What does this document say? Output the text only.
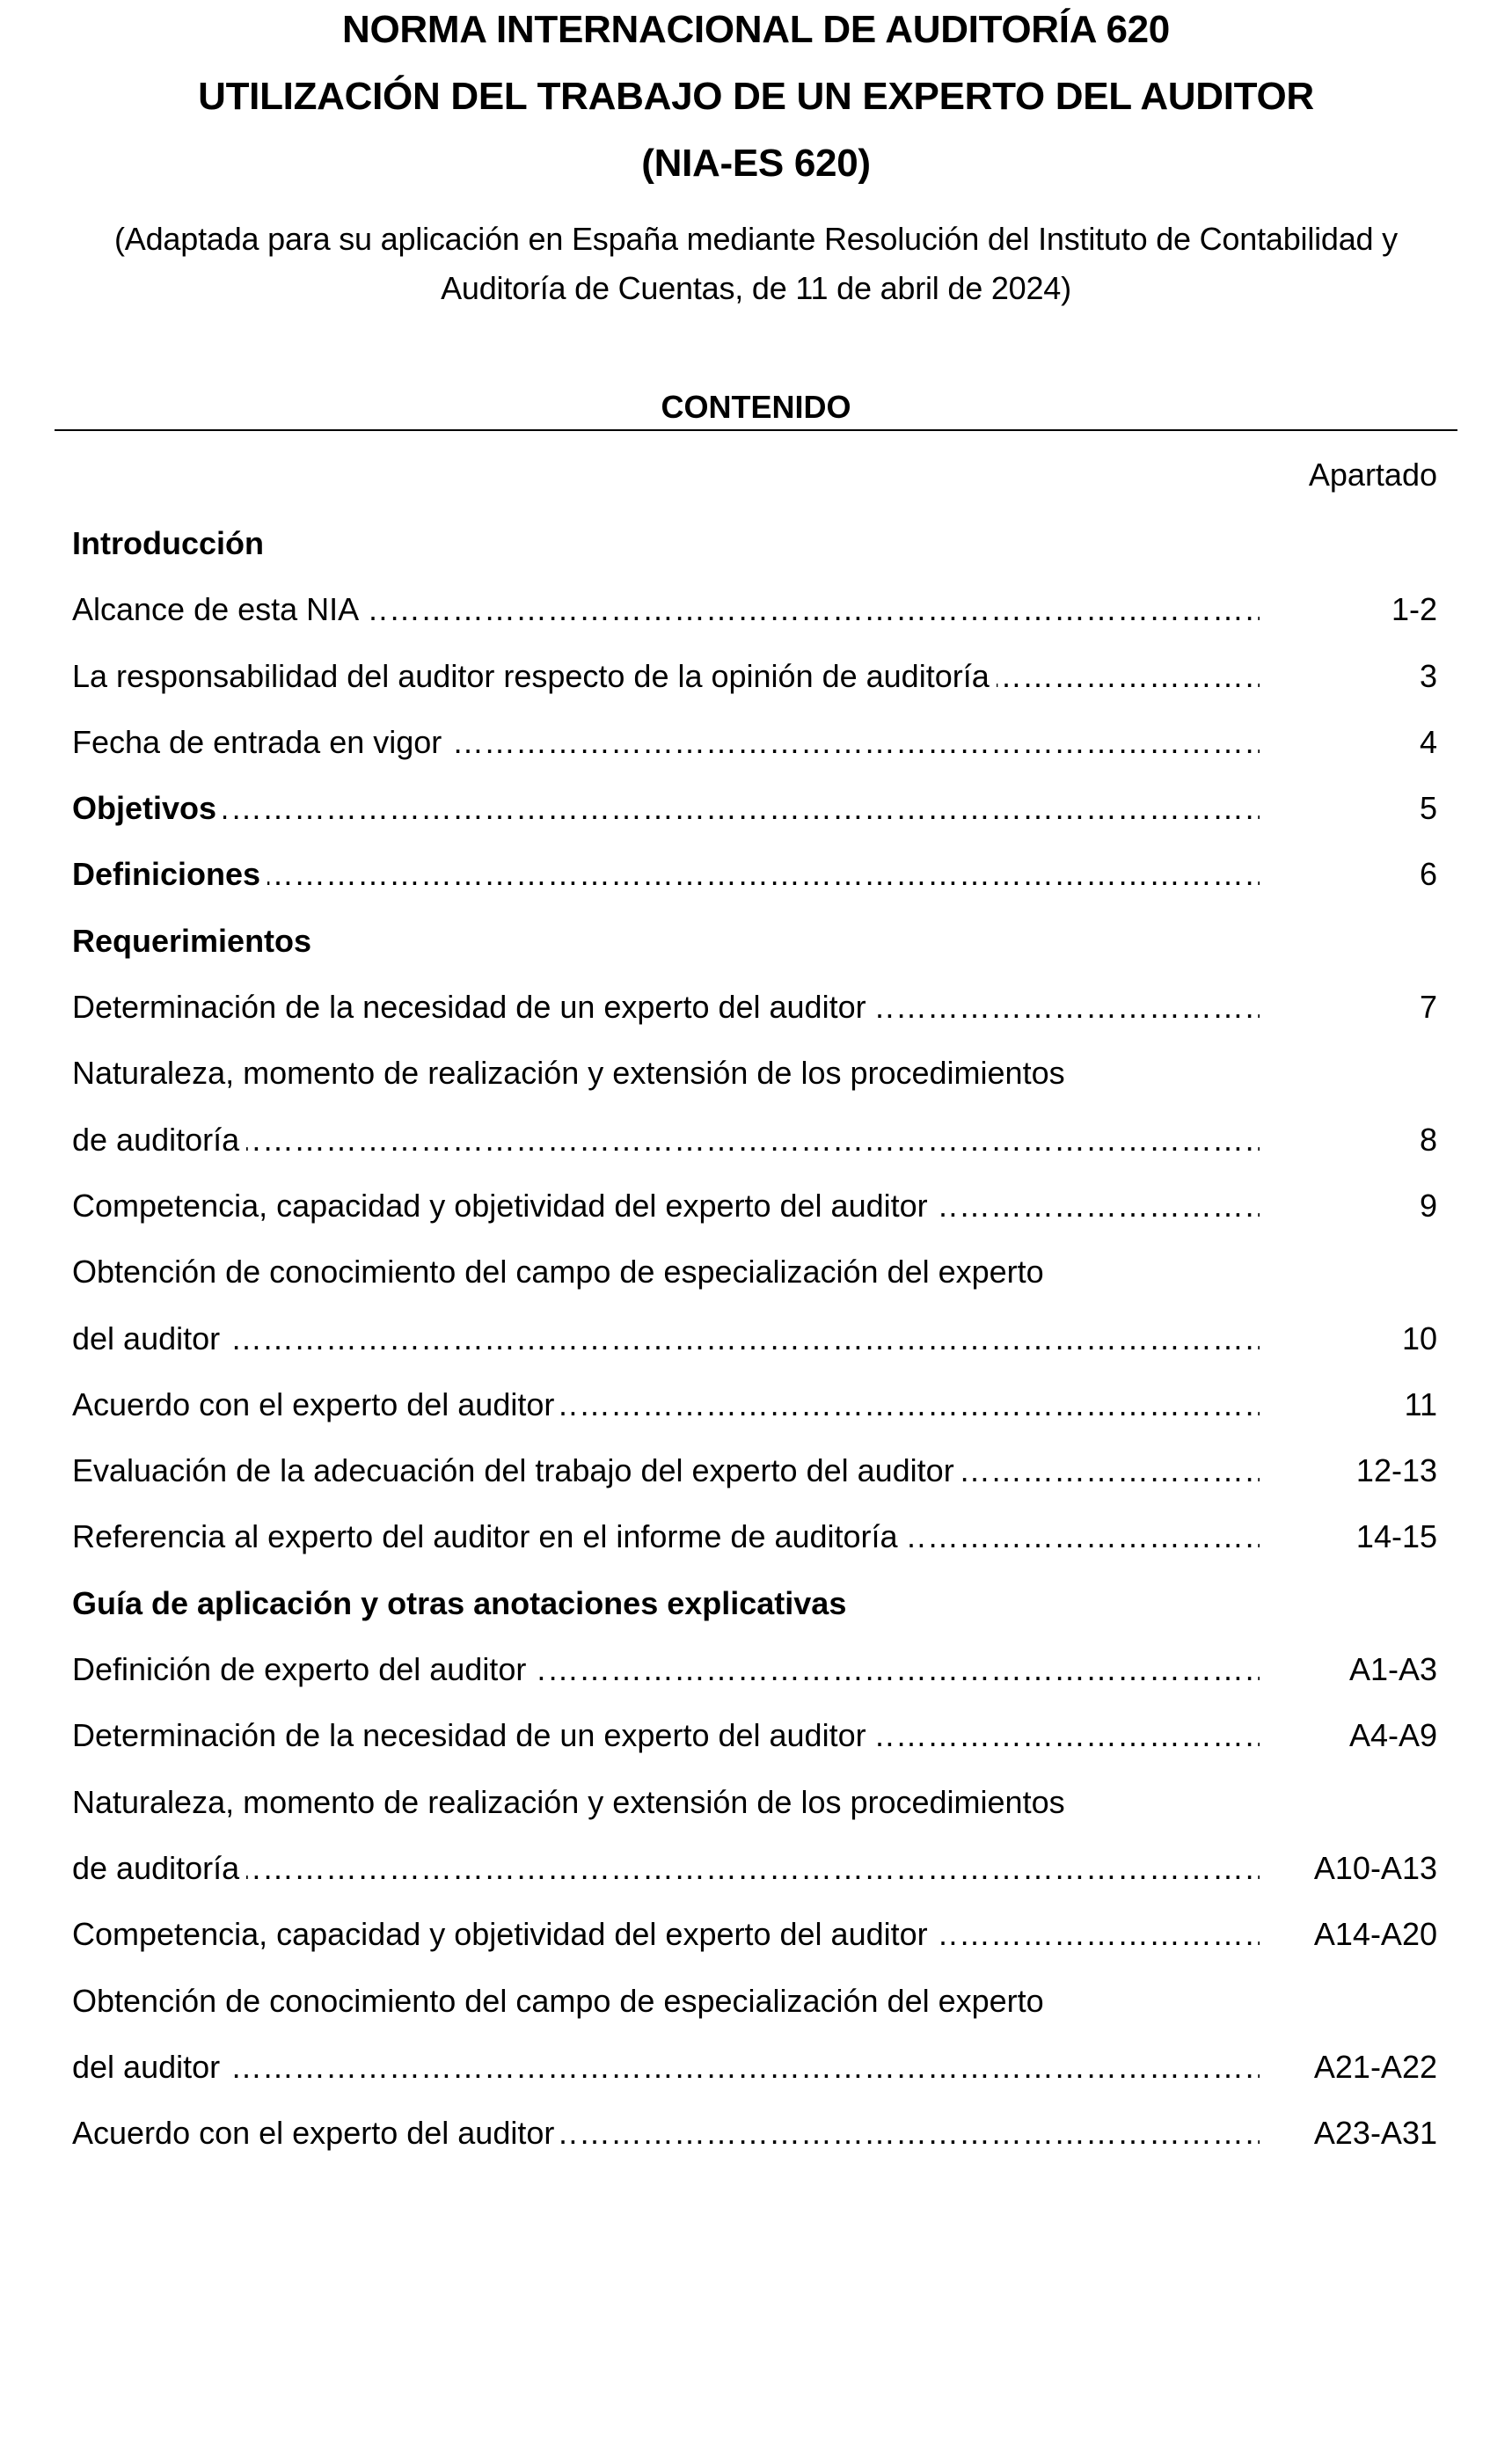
NORMA INTERNACIONAL DE AUDITORÍA 620
UTILIZACIÓN DEL TRABAJO DE UN EXPERTO DEL AUDITOR
(NIA-ES 620)
(Adaptada para su aplicación en España mediante Resolución del Instituto de Contabilidad y
Auditoría de Cuentas, de 11 de abril de 2024)
CONTENIDO
Apartado
Introducción
Alcance de esta NIA ……………………………………………………………………………………………………………………………………………………………………………………	1-2
La responsabilidad del auditor respecto de la opinión de auditoría ……………………………………………………………………………………………………………………………………………………………………………………	3
Fecha de entrada en vigor ……………………………………………………………………………………………………………………………………………………………………………………	4
Objetivos ……………………………………………………………………………………………………………………………………………………………………………………	5
Definiciones ……………………………………………………………………………………………………………………………………………………………………………………	6
Requerimientos
Determinación de la necesidad de un experto del auditor ……………………………………………………………………………………………………………………………………………………………………………………	7
Naturaleza, momento de realización y extensión de los procedimientos
de auditoría ……………………………………………………………………………………………………………………………………………………………………………………	8
Competencia, capacidad y objetividad del experto del auditor ……………………………………………………………………………………………………………………………………………………………………………………	9
Obtención de conocimiento del campo de especialización del experto
del auditor ……………………………………………………………………………………………………………………………………………………………………………………	10
Acuerdo con el experto del auditor ……………………………………………………………………………………………………………………………………………………………………………………	11
Evaluación de la adecuación del trabajo del experto del auditor ……………………………………………………………………………………………………………………………………………………………………………………	12-13
Referencia al experto del auditor en el informe de auditoría ……………………………………………………………………………………………………………………………………………………………………………………	14-15
Guía de aplicación y otras anotaciones explicativas
Definición de experto del auditor ……………………………………………………………………………………………………………………………………………………………………………………	A1-A3
Determinación de la necesidad de un experto del auditor ……………………………………………………………………………………………………………………………………………………………………………………	A4-A9
Naturaleza, momento de realización y extensión de los procedimientos
de auditoría ……………………………………………………………………………………………………………………………………………………………………………………	A10-A13
Competencia, capacidad y objetividad del experto del auditor ……………………………………………………………………………………………………………………………………………………………………………………	A14-A20
Obtención de conocimiento del campo de especialización del experto
del auditor ……………………………………………………………………………………………………………………………………………………………………………………	A21-A22
Acuerdo con el experto del auditor ……………………………………………………………………………………………………………………………………………………………………………………	A23-A31
